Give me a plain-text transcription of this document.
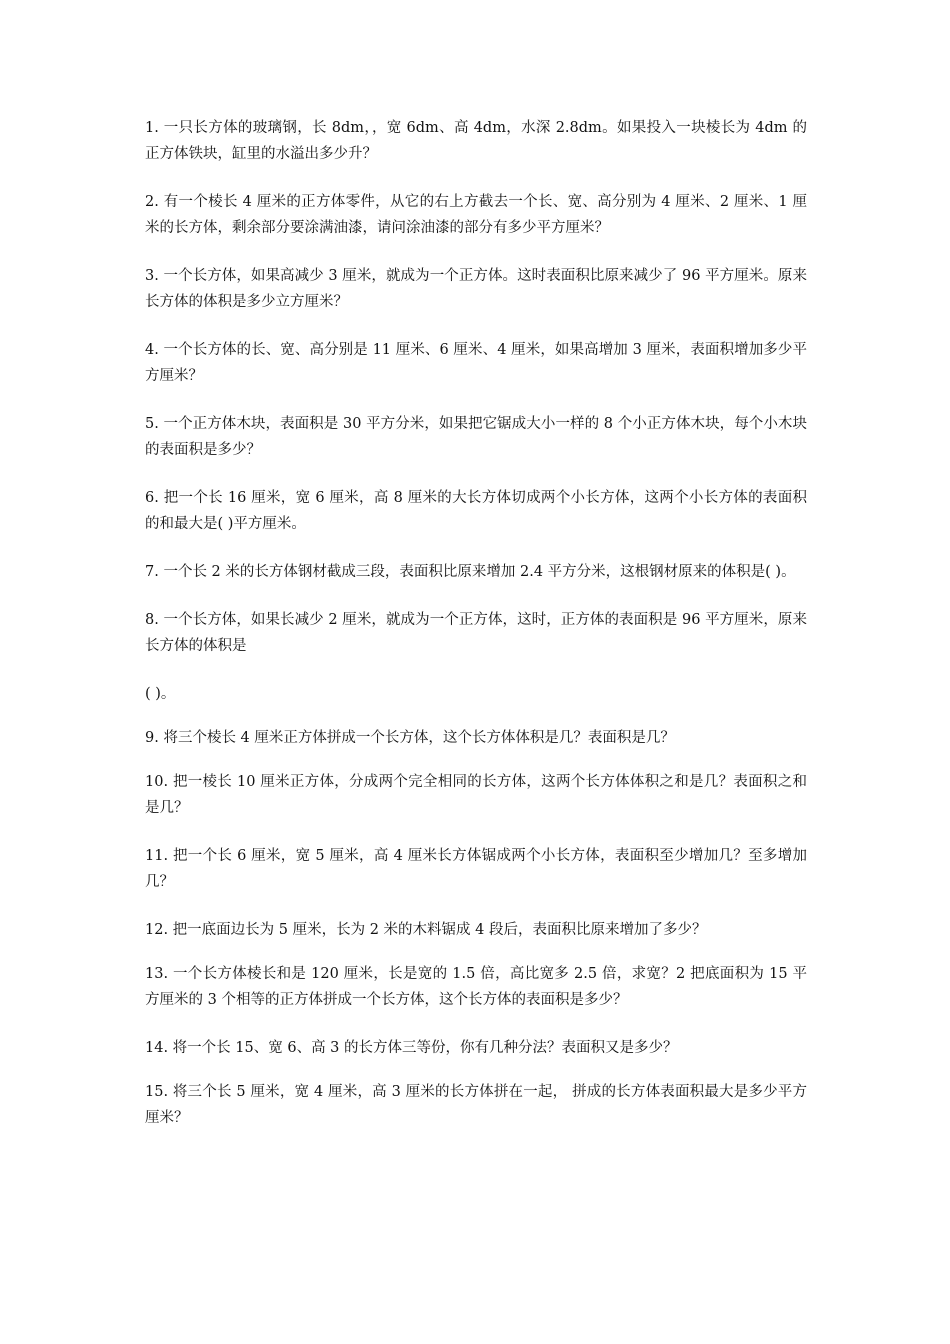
1. 一只长方体的玻璃钢，长 8dm，，宽 6dm、高 4dm，水深 2.8dm。如果投入一块棱长为 4dm 的正方体铁块，缸里的水溢出多少升？

2. 有一个棱长 4 厘米的正方体零件，从它的右上方截去一个长、宽、高分别为 4 厘米、2 厘米、1 厘米的长方体，剩余部分要涂满油漆，请问涂油漆的部分有多少平方厘米？

3. 一个长方体，如果高减少 3 厘米，就成为一个正方体。这时表面积比原来减少了 96 平方厘米。原来长方体的体积是多少立方厘米？

4. 一个长方体的长、宽、高分别是 11 厘米、6 厘米、4 厘米，如果高增加 3 厘米，表面积增加多少平方厘米？

5. 一个正方体木块，表面积是 30 平方分米，如果把它锯成大小一样的 8 个小正方体木块，每个小木块的表面积是多少？

6. 把一个长 16 厘米，宽 6 厘米，高 8 厘米的大长方体切成两个小长方体，这两个小长方体的表面积的和最大是( )平方厘米。

7. 一个长 2 米的长方体钢材截成三段，表面积比原来增加 2.4 平方分米，这根钢材原来的体积是( )。

8. 一个长方体，如果长减少 2 厘米，就成为一个正方体，这时，正方体的表面积是 96 平方厘米，原来长方体的体积是

( )。

9. 将三个棱长 4 厘米正方体拼成一个长方体，这个长方体体积是几？表面积是几？

10. 把一棱长 10 厘米正方体，分成两个完全相同的长方体，这两个长方体体积之和是几？表面积之和是几？

11. 把一个长 6 厘米，宽 5 厘米，高 4 厘米长方体锯成两个小长方体，表面积至少增加几？至多增加几？

12. 把一底面边长为 5 厘米，长为 2 米的木料锯成 4 段后，表面积比原来增加了多少？

13. 一个长方体棱长和是 120 厘米，长是宽的 1.5 倍，高比宽多 2.5 倍，求宽？2 把底面积为 15 平方厘米的 3 个相等的正方体拼成一个长方体，这个长方体的表面积是多少？

14. 将一个长 15、宽 6、高 3 的长方体三等份，你有几种分法？表面积又是多少？

15. 将三个长 5 厘米，宽 4 厘米，高 3 厘米的长方体拼在一起， 拼成的长方体表面积最大是多少平方厘米？
